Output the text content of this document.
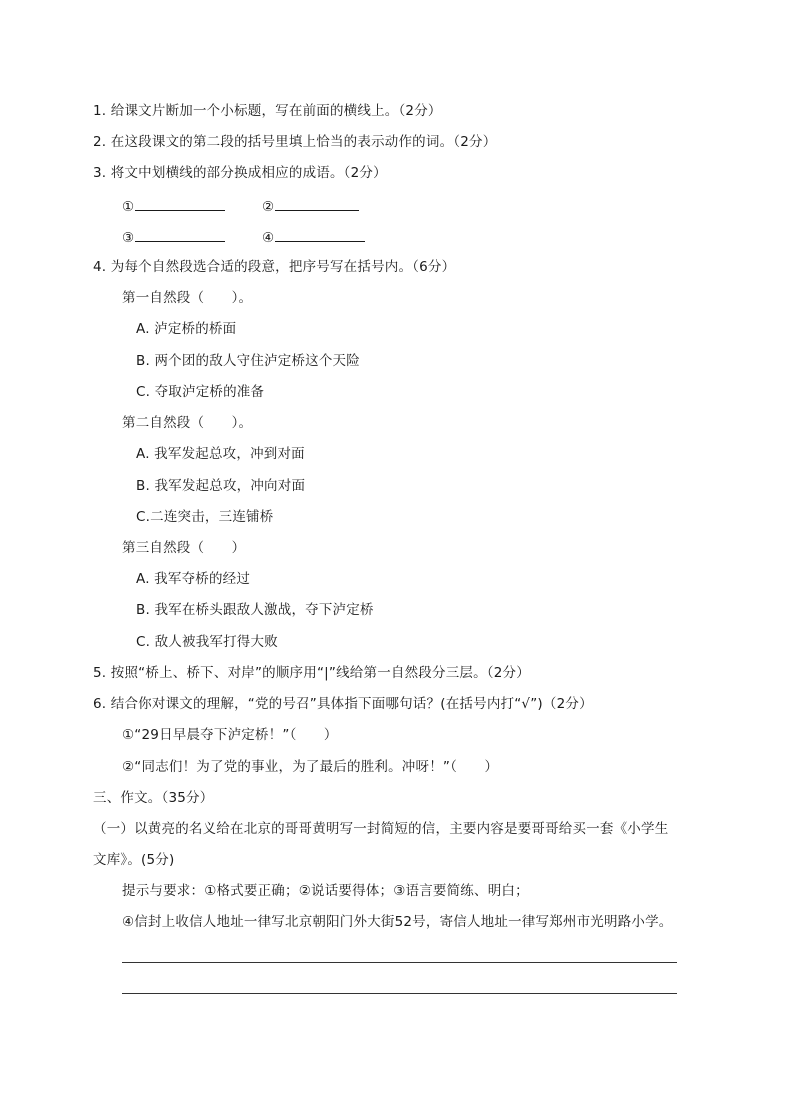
1. 给课文片断加一个小标题，写在前面的横线上。（2分）
2. 在这段课文的第二段的括号里填上恰当的表示动作的词。（2分）
3. 将文中划横线的部分换成相应的成语。（2分）
①	②
③	④
4. 为每个自然段选合适的段意，把序号写在括号内。（6分）
第一自然段（　　）。
A. 泸定桥的桥面
B. 两个团的敌人守住泸定桥这个天险
C. 夺取泸定桥的准备
第二自然段（　　）。
A. 我军发起总攻，冲到对面
B. 我军发起总攻，冲向对面
C.二连突击，三连铺桥
第三自然段（　　）
A. 我军夺桥的经过
B. 我军在桥头跟敌人激战，夺下泸定桥
C. 敌人被我军打得大败
5. 按照“桥上、桥下、对岸”的顺序用“|”线给第一自然段分三层。（2分）
6. 结合你对课文的理解，“党的号召”具体指下面哪句话？(在括号内打“√”)（2分）
①“29日早晨夺下泸定桥！”（　　）
②“同志们！为了党的事业，为了最后的胜利。冲呀！”（　　）
三、作文。（35分）
（一）以黄亮的名义给在北京的哥哥黄明写一封简短的信，主要内容是要哥哥给买一套《小学生
文库》。(5分)
提示与要求：①格式要正确；②说话要得体；③语言要简练、明白；
④信封上收信人地址一律写北京朝阳门外大街52号，寄信人地址一律写郑州市光明路小学。
